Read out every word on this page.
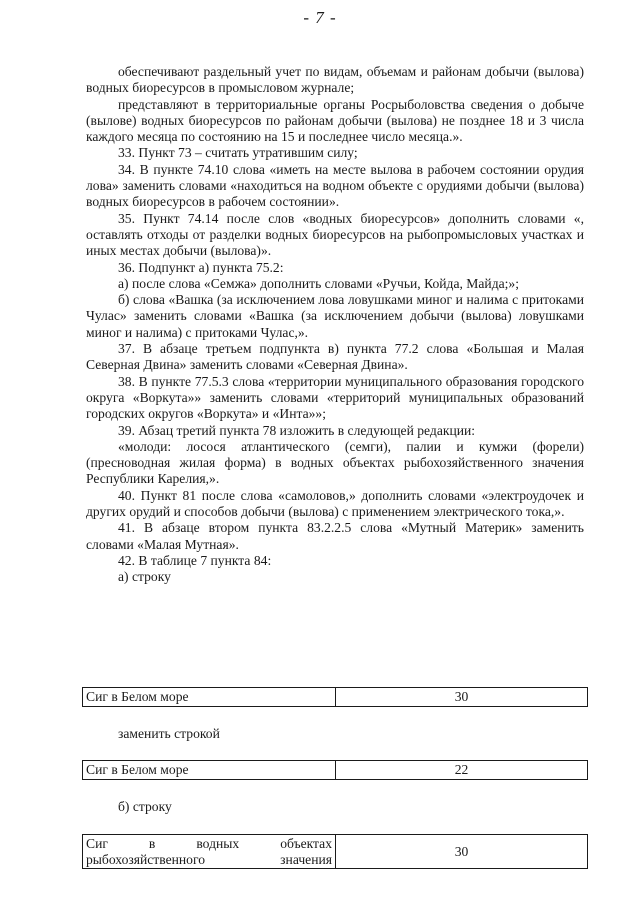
- 7 -

обеспечивают раздельный учет по видам, объемам и районам добычи (вылова) водных биоресурсов в промысловом журнале;

представляют в территориальные органы Росрыболовства сведения о добыче (вылове) водных биоресурсов по районам добычи (вылова) не позднее 18 и 3 числа каждого месяца по состоянию на 15 и последнее число месяца.».

33. Пункт 73 – считать утратившим силу;

34. В пункте 74.10 слова «иметь на месте вылова в рабочем состоянии орудия лова» заменить словами «находиться на водном объекте с орудиями добычи (вылова) водных биоресурсов в рабочем состоянии».

35. Пункт 74.14 после слов «водных биоресурсов» дополнить словами «, оставлять отходы от разделки водных биоресурсов на рыбопромысловых участках и иных местах добычи (вылова)».

36. Подпункт а) пункта 75.2:

а) после слова «Семжа» дополнить словами «Ручьи, Койда, Майда;»;

б) слова «Вашка (за исключением лова ловушками миног и налима с притоками Чулас» заменить словами «Вашка (за исключением добычи (вылова) ловушками миног и налима) с притоками Чулас,».

37. В абзаце третьем подпункта в) пункта 77.2 слова «Большая и Малая Северная Двина» заменить словами «Северная Двина».

38. В пункте 77.5.3 слова «территории муниципального образования городского округа «Воркута»» заменить словами «территорий муниципальных образований городских округов «Воркута» и «Инта»»;

39. Абзац третий пункта 78 изложить в следующей редакции:

«молоди: лосося атлантического (семги), палии и кумжи (форели) (пресноводная жилая форма) в водных объектах рыбохозяйственного значения Республики Карелия,».

40. Пункт 81 после слова «самоловов,» дополнить словами «электроудочек и других орудий и способов добычи (вылова) с применением электрического тока,».

41. В абзаце втором пункта 83.2.2.5 слова «Мутный Материк» заменить словами «Малая Мутная».

42. В таблице 7 пункта 84:

а) строку

Сиг в Белом море	30
заменить строкой
Сиг в Белом море	22
б) строку
Сиг в водных объектах
рыбохозяйственного значения
	30
